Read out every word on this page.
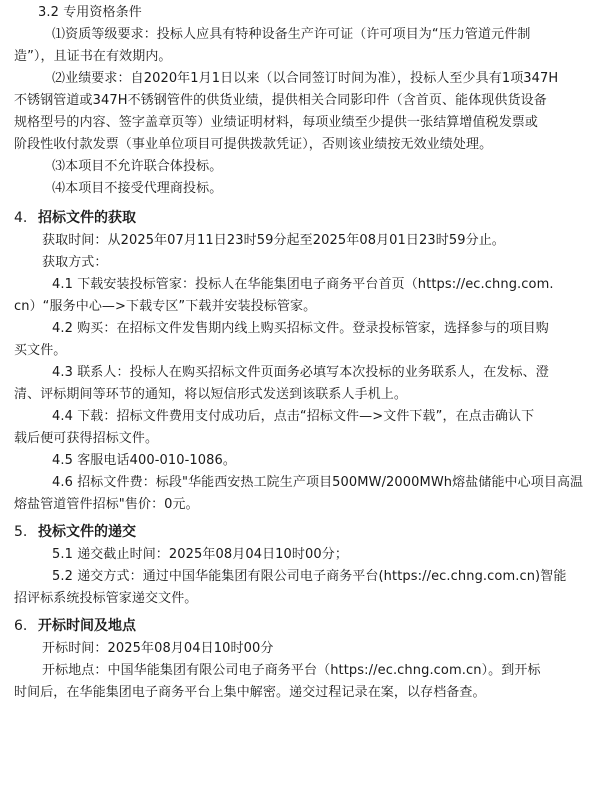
3.2 专用资格条件
⑴资质等级要求：投标人应具有特种设备生产许可证（许可项目为“压力管道元件制
造”），且证书在有效期内。
⑵业绩要求：自2020年1月1日以来（以合同签订时间为准），投标人至少具有1项347H
不锈钢管道或347H不锈钢管件的供货业绩，提供相关合同影印件（含首页、能体现供货设备
规格型号的内容、签字盖章页等）业绩证明材料，每项业绩至少提供一张结算增值税发票或
阶段性收付款发票（事业单位项目可提供拨款凭证），否则该业绩按无效业绩处理。
⑶本项目不允许联合体投标。
⑷本项目不接受代理商投标。
4. 招标文件的获取
获取时间：从2025年07月11日23时59分起至2025年08月01日23时59分止。
获取方式：
4.1 下载安装投标管家：投标人在华能集团电子商务平台首页（https://ec.chng.com.
cn）“服务中心—>下载专区”下载并安装投标管家。
4.2 购买：在招标文件发售期内线上购买招标文件。登录投标管家，选择参与的项目购
买文件。
4.3 联系人：投标人在购买招标文件页面务必填写本次投标的业务联系人，在发标、澄
清、评标期间等环节的通知，将以短信形式发送到该联系人手机上。
4.4 下载：招标文件费用支付成功后，点击“招标文件—>文件下载”，在点击确认下
载后便可获得招标文件。
4.5 客服电话400-010-1086。
4.6 招标文件费：标段"华能西安热工院生产项目500MW/2000MWh熔盐储能中心项目高温
熔盐管道管件招标"售价：0元。
5. 投标文件的递交
5.1 递交截止时间：2025年08月04日10时00分；
5.2 递交方式：通过中国华能集团有限公司电子商务平台(https://ec.chng.com.cn)智能
招评标系统投标管家递交文件。
6. 开标时间及地点
开标时间：2025年08月04日10时00分
开标地点：中国华能集团有限公司电子商务平台（https://ec.chng.com.cn）。到开标
时间后，在华能集团电子商务平台上集中解密。递交过程记录在案，以存档备查。
